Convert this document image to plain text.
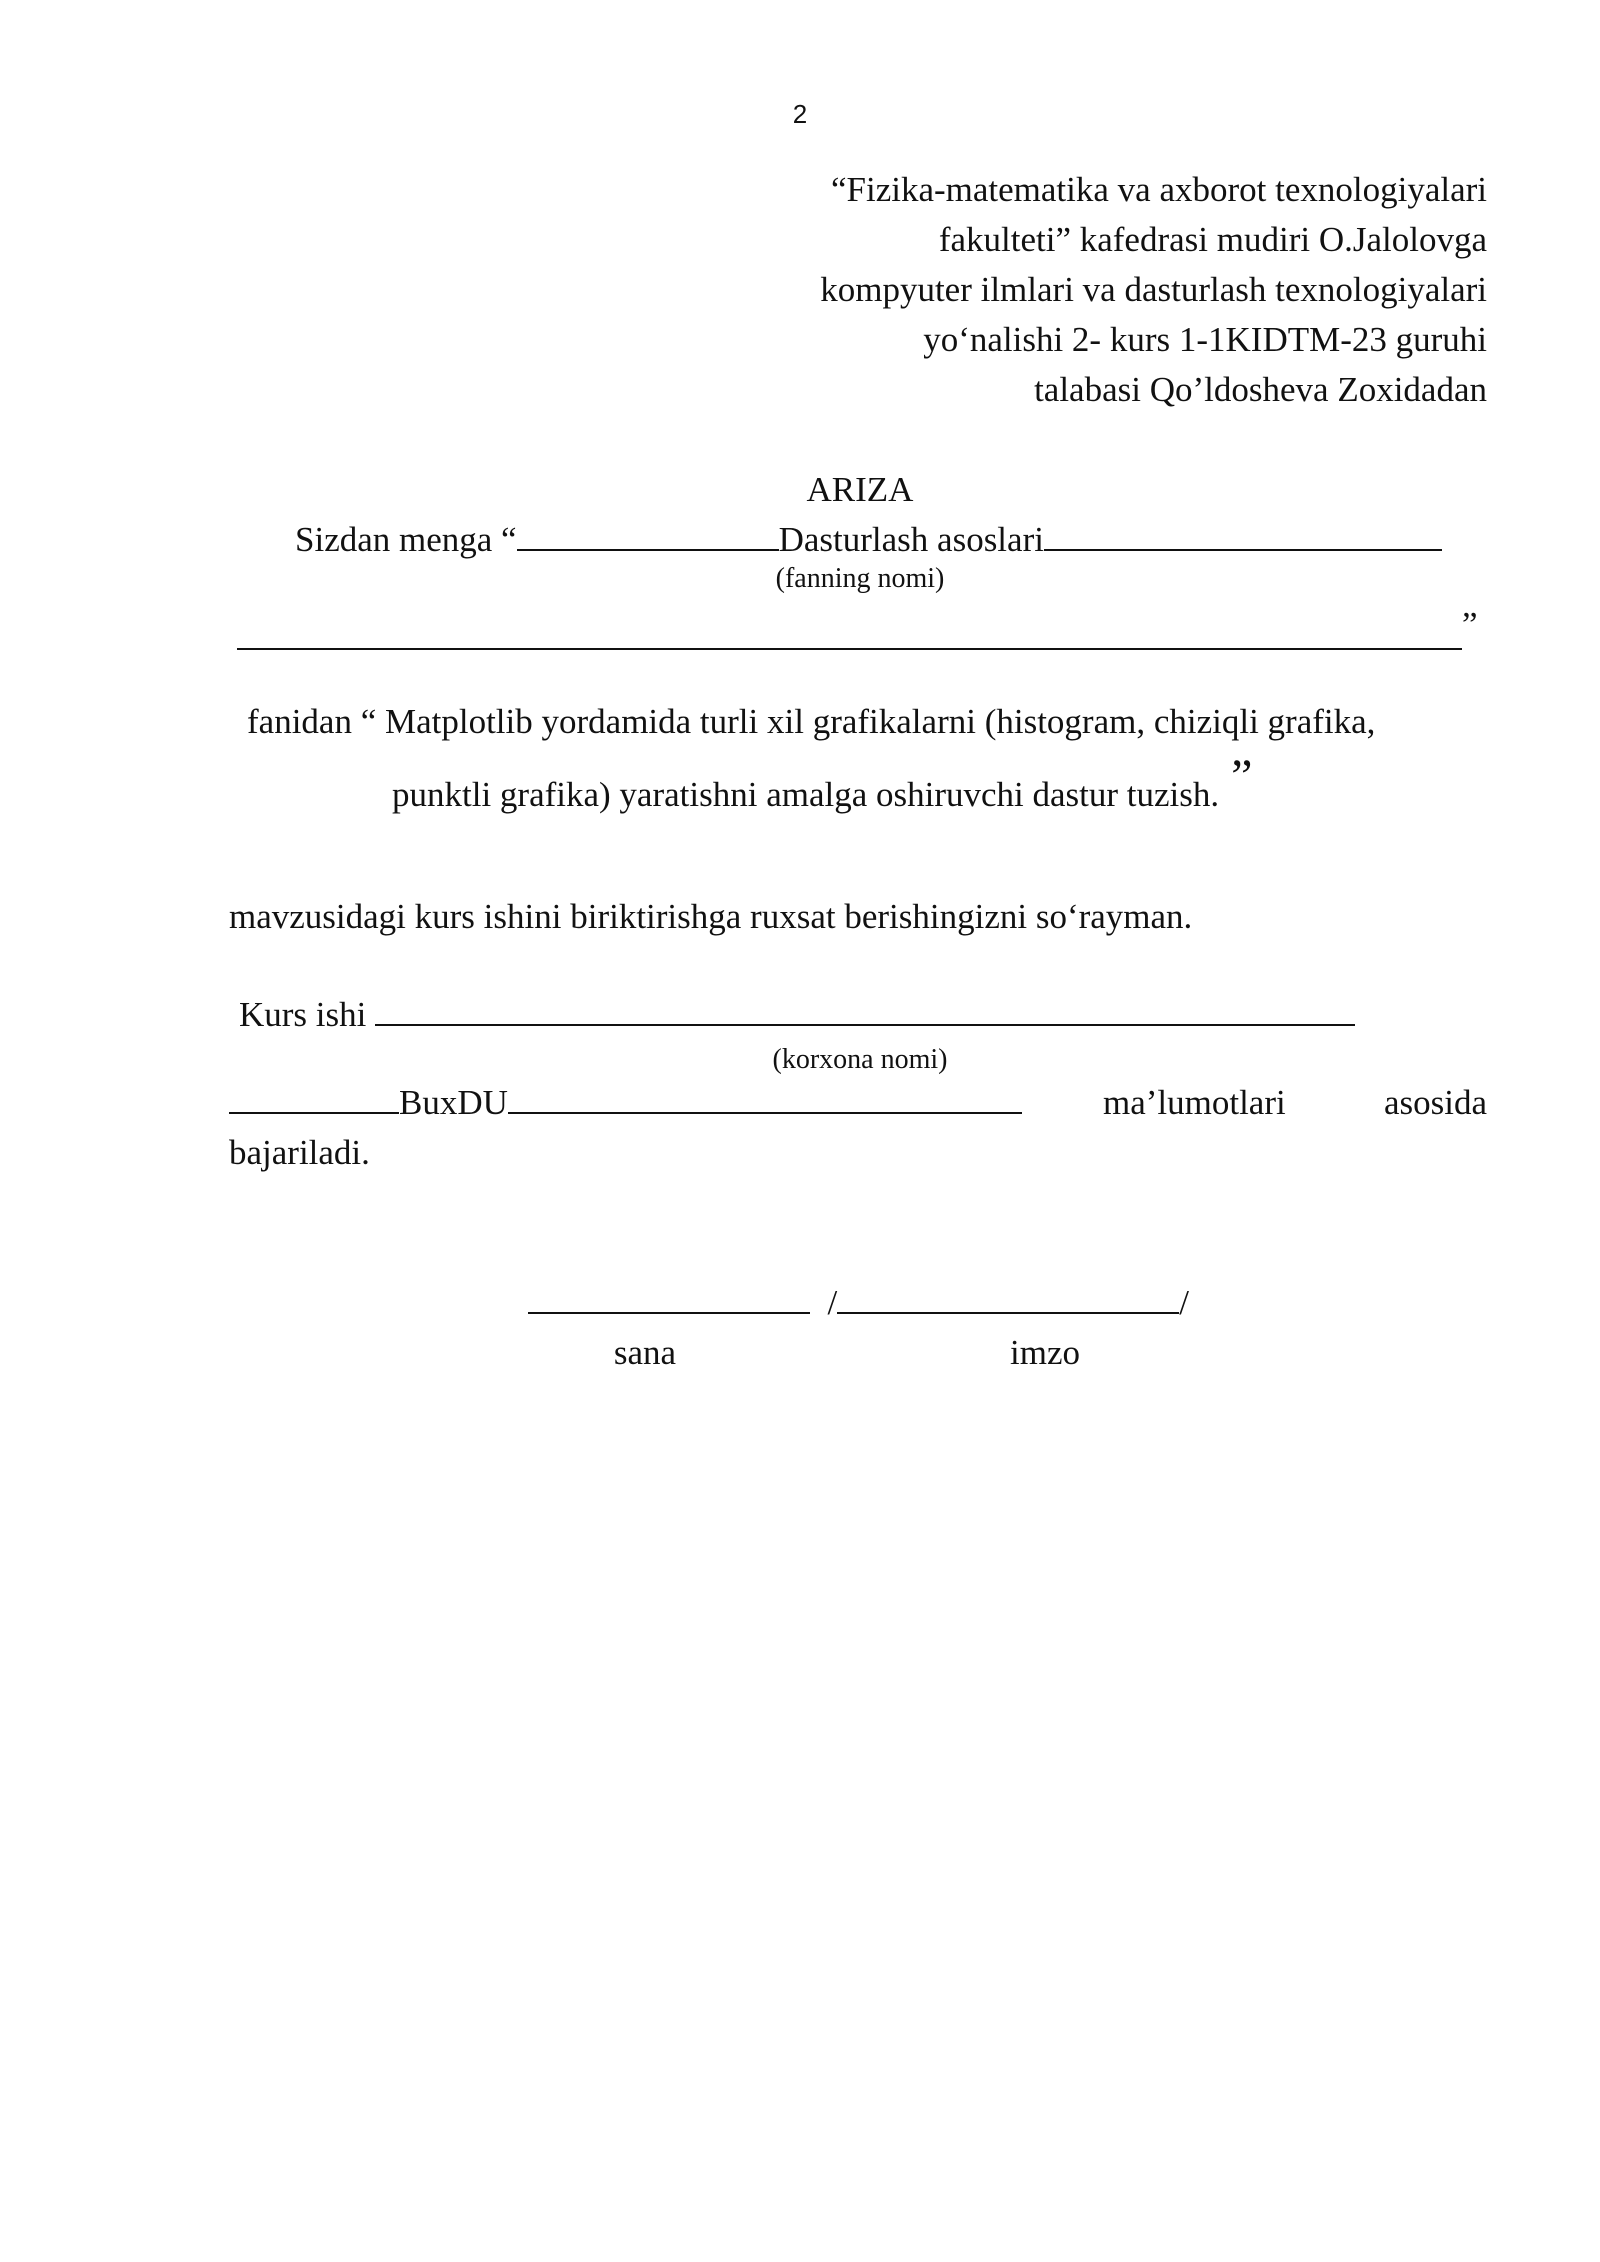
2
“Fizika-matematika va axborot texnologiyalari
fakulteti” kafedrasi mudiri O.Jalolovga
kompyuter ilmlari va dasturlash texnologiyalari
yo‘nalishi 2- kurs 1-1KIDTM-23 guruhi
talabasi Qo’ldosheva Zoxidadan
ARIZA
Sizdan menga “	Dasturlash asoslari
(fanning nomi)
”
fanidan “ Matplotlib yordamida turli xil grafikalarni (histogram, chiziqli grafika,
punktli grafika) yaratishni amalga oshiruvchi dastur tuzish. ”
mavzusidagi kurs ishini biriktirishga ruxsat berishingizni so‘rayman.
Kurs ishi
(korxona nomi)
BuxDU	ma’lumotlari	asosida
bajariladi.
/	/
sana	imzo
